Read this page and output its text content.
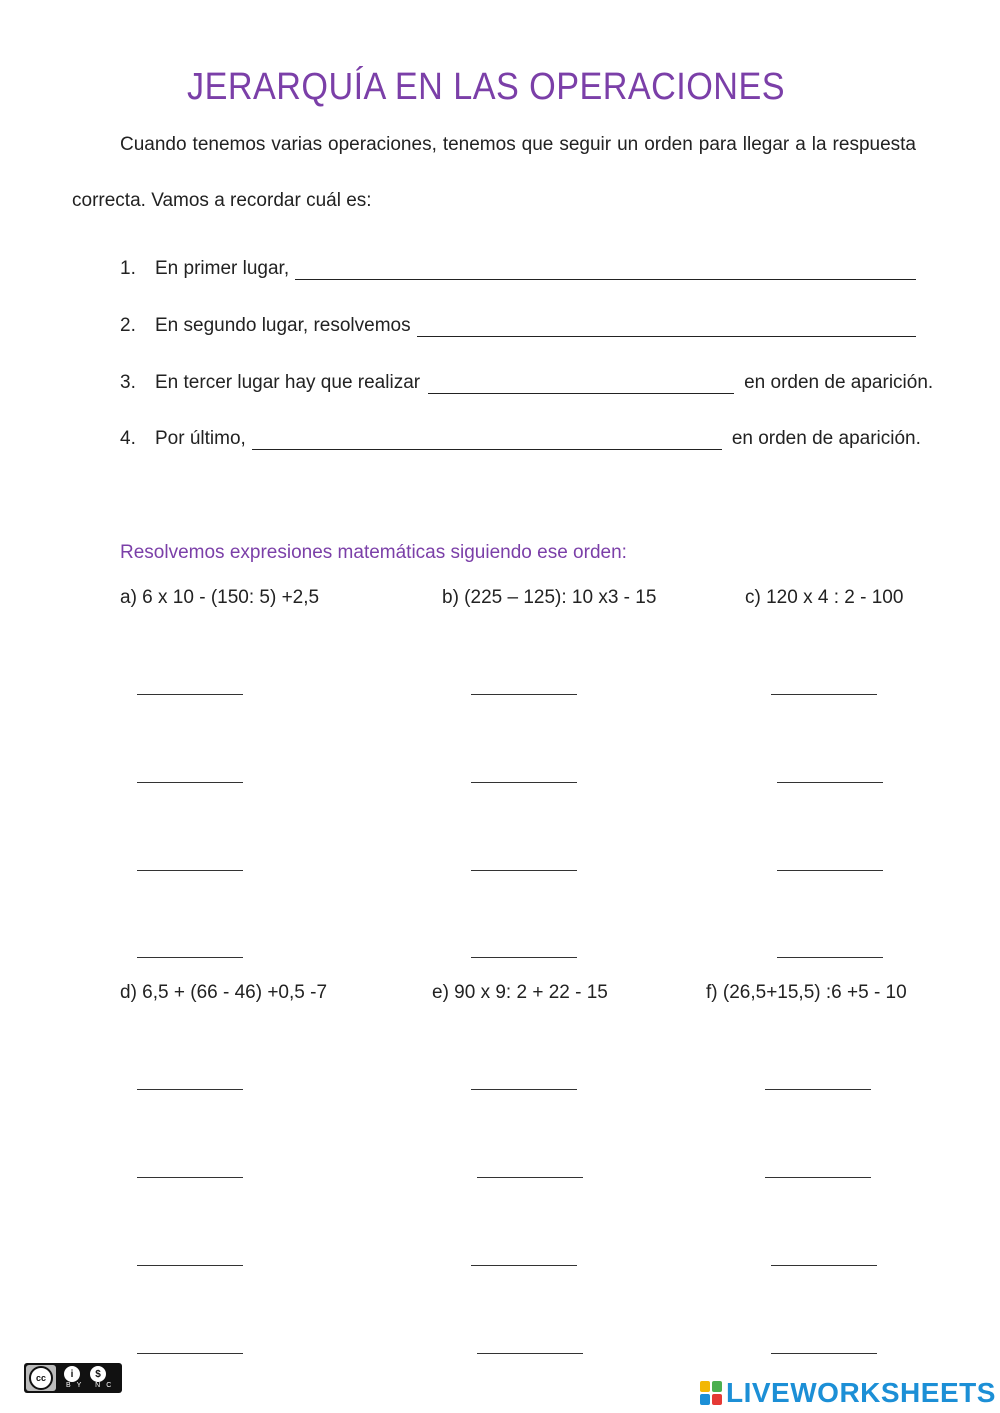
JERARQUÍA EN LAS OPERACIONES
Cuando tenemos varias operaciones, tenemos que seguir un orden para llegar a la respuesta
correcta. Vamos a recordar cuál es:
1.	En primer lugar,
2.	En segundo lugar, resolvemos
3.	En tercer lugar hay que realizar	en orden de aparición.
4.	Por último,	en orden de aparición.
Resolvemos expresiones matemáticas siguiendo ese orden:
a) 6 x 10 - (150: 5) +2,5	b) (225 – 125): 10 x3 - 15	c) 120 x 4 : 2 - 100
d) 6,5 + (66 - 46) +0,5 -7	e) 90 x 9: 2 + 22 - 15	f) (26,5+15,5) :6 +5 - 10
cc	i	$
BY NC	LIVEWORKSHEETS
